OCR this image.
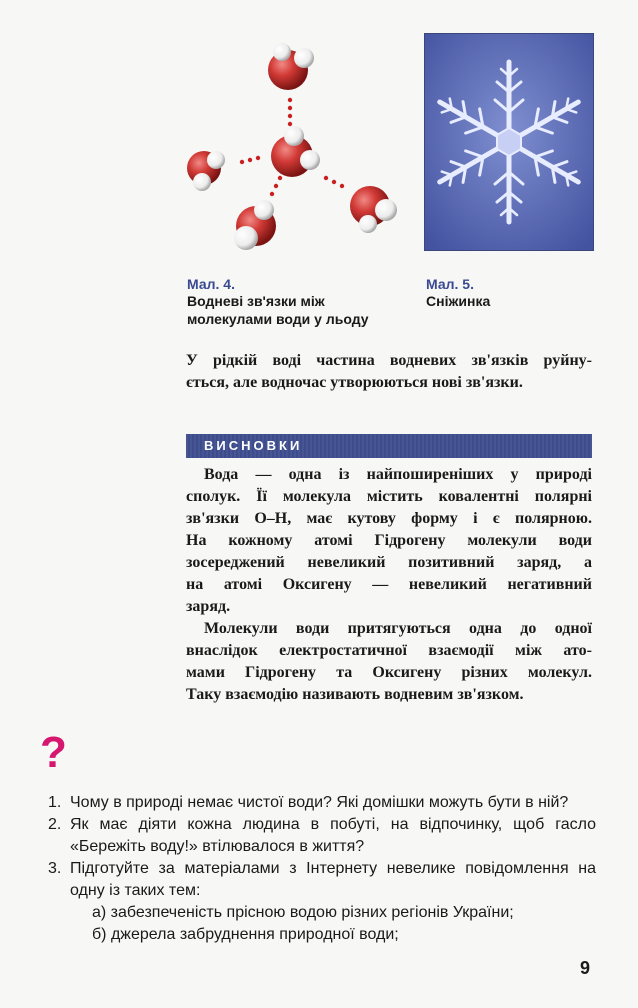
Мал. 4.
Водневі зв'язки між
молекулами води у льоду
Мал. 5.
Сніжинка
У рідкій воді частина водневих зв'язків руйну-
ється, але водночас утворюються нові зв'язки.
ВИСНОВКИ
Вода — одна із найпоширеніших у природі
сполук. Її молекула містить ковалентні полярні
зв'язки О–Н, має кутову форму і є полярною.
На кожному атомі Гідрогену молекули води
зосереджений невеликий позитивний заряд, а
на атомі Оксигену — невеликий негативний
заряд.
Молекули води притягуються одна до одної
внаслідок електростатичної взаємодії між ато-
мами Гідрогену та Оксигену різних молекул.
Таку взаємодію називають водневим зв'язком.
?
1. Чому в природі немає чистої води? Які домішки можуть бути в ній?
2. Як має діяти кожна людина в побуті, на відпочинку, щоб гасло
«Бережіть воду!» втілювалося в життя?
3. Підготуйте за матеріалами з Інтернету невелике повідомлення на
одну із таких тем:
а) забезпеченість прісною водою різних регіонів України;
б) джерела забруднення природної води;
9
